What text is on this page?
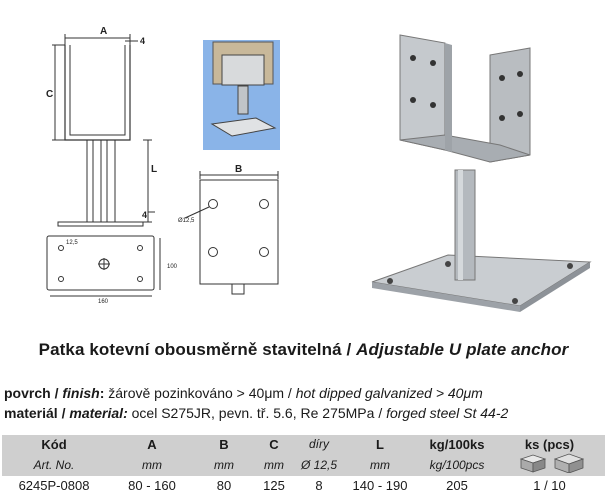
A
4
C
L
4
B
Ø12,5
12,5
100
160
Patka kotevní obousměrně stavitelná / Adjustable U plate anchor
povrch / finish: žárově pozinkováno > 40μm / hot dipped galvanized > 40μm
materiál / material: ocel S275JR, pevn. tř. 5.6, Re 275MPa / forged steel St 44-2
Kód	A	B	C	díry	L	kg/100ks	ks (pcs)
Art. No.	mm	mm	mm	Ø 12,5	mm	kg/100pcs	
6245P-0808	80 - 160	80	125	8	140 - 190	205	1 / 10
